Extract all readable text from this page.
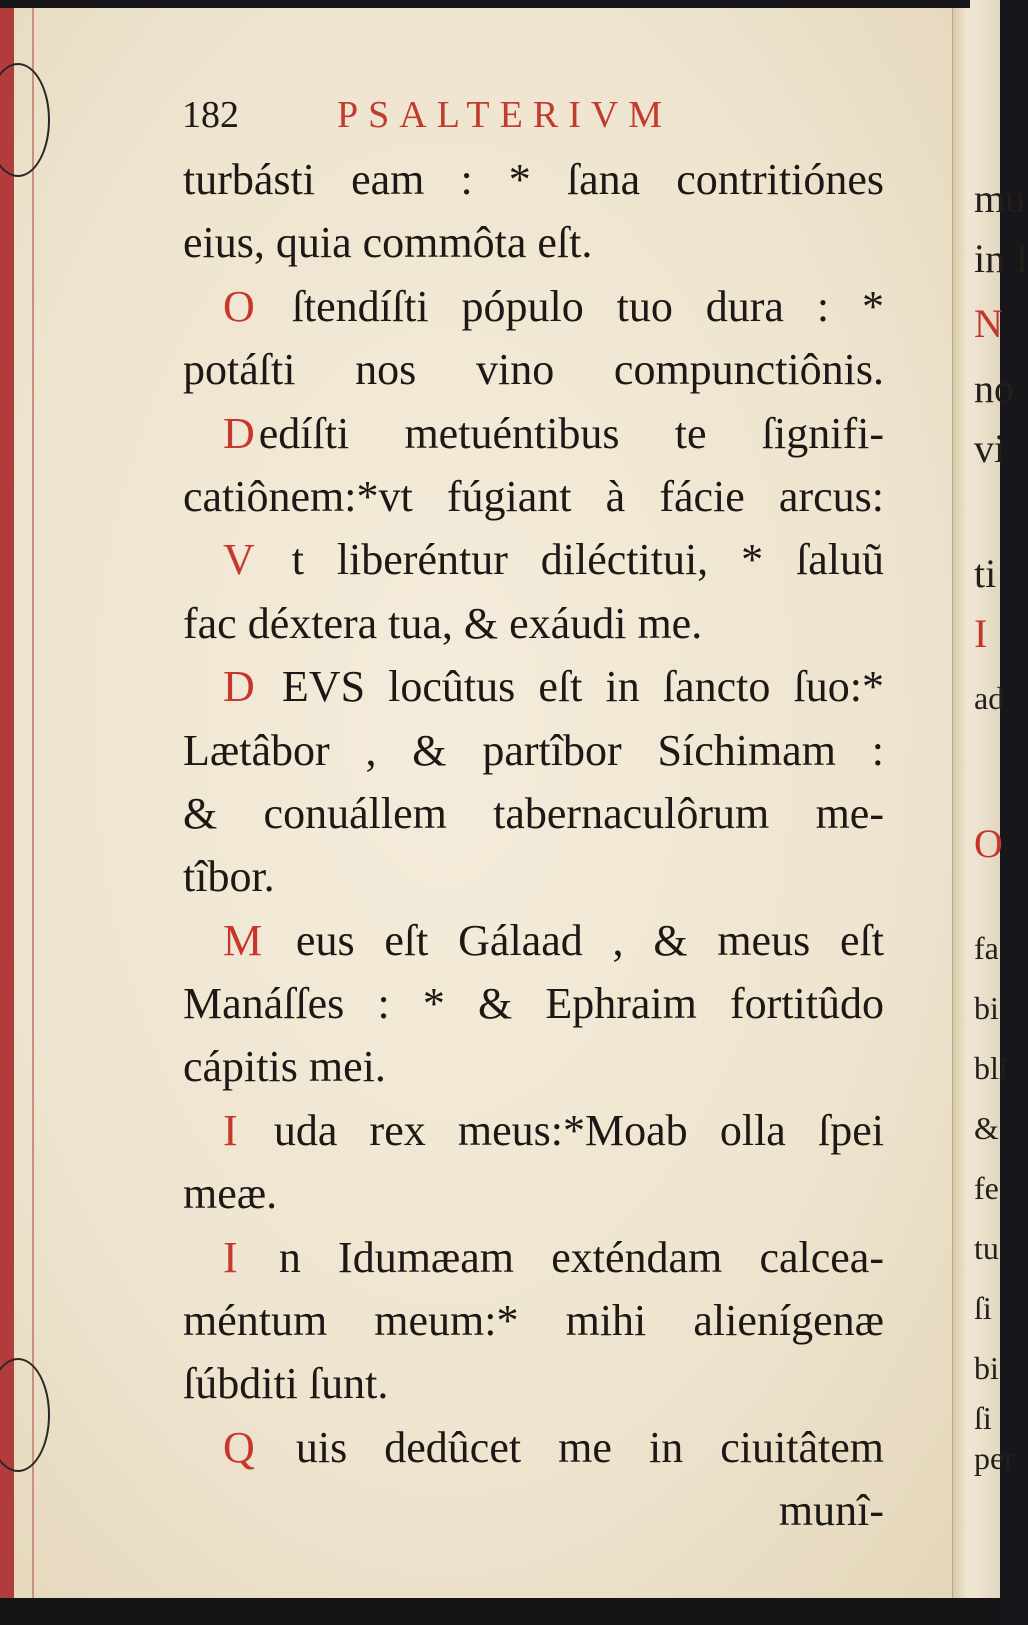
182	PSALTERIVM
turbásti eam : * ſana contritiónes
eius, quia commôta eſt.
O ſtendíſti pópulo tuo dura : *
potáſti nos vino compunctiônis.
Dedíſti metuéntibus te ſignifi-
catiônem:*vt fúgiant à fácie arcus:
V t liberéntur diléctitui, * ſaluũ
fac déxtera tua, & exáudi me.
D EVS locûtus eſt in ſancto ſuo:*
Lætâbor , & partîbor Síchimam :
& conuállem tabernaculôrum me-
tîbor.
M eus eſt Gálaad , & meus eſt
Manáſſes : * & Ephraim fortitûdo
cápitis mei.
I uda rex meus:*Moab olla ſpei
meæ.
I n Idumæam exténdam calcea-
méntum meum:* mihi alienígenæ
ſúbditi ſunt.
Q uis dedûcet me in ciuitâtem
munî-
mu
in I
N
no
vi
ti
I
ad
O
fa
bi
bli
&
fe
tu
ſi
bi
ſi
per
